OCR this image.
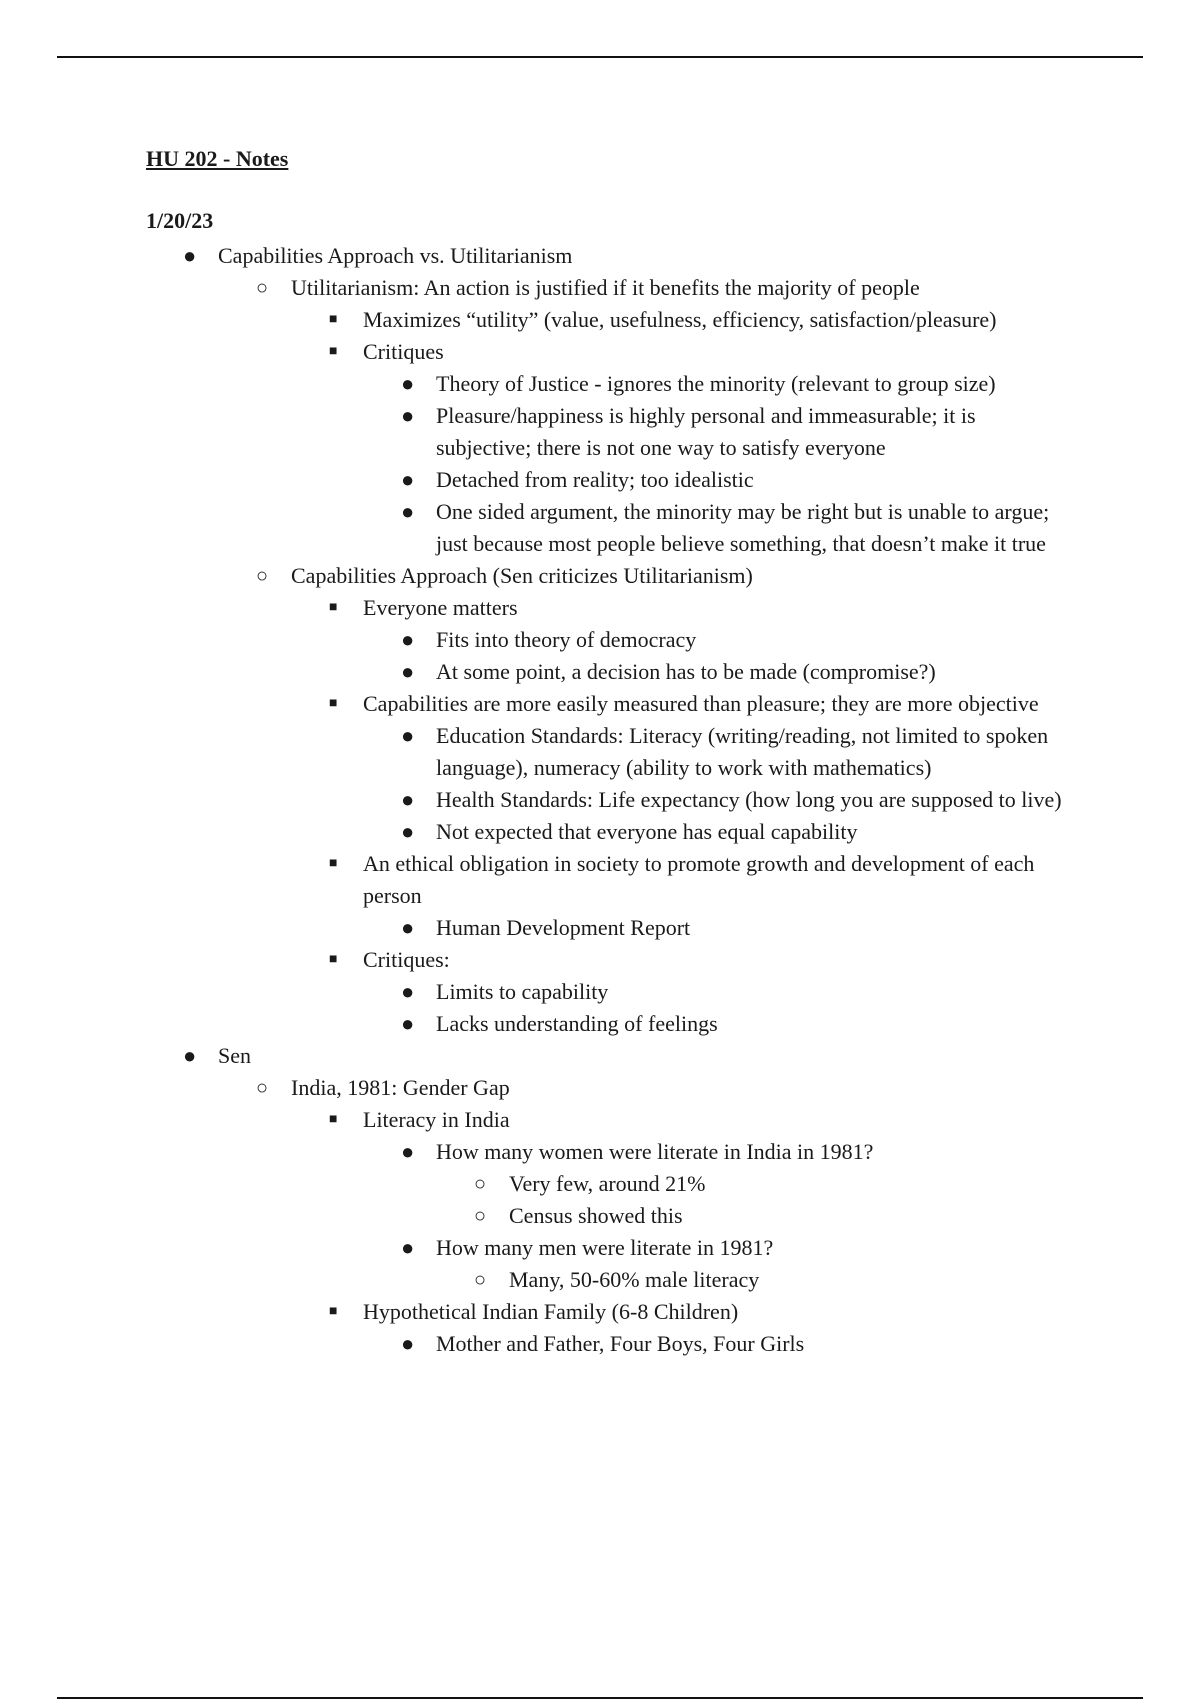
HU 202 - Notes
1/20/23
● Capabilities Approach vs. Utilitarianism
○ Utilitarianism: An action is justified if it benefits the majority of people
■ Maximizes “utility” (value, usefulness, efficiency, satisfaction/pleasure)
■ Critiques
● Theory of Justice - ignores the minority (relevant to group size)
● Pleasure/happiness is highly personal and immeasurable; it is subjective; there is not one way to satisfy everyone
● Detached from reality; too idealistic
● One sided argument, the minority may be right but is unable to argue; just because most people believe something, that doesn’t make it true
○ Capabilities Approach (Sen criticizes Utilitarianism)
■ Everyone matters
● Fits into theory of democracy
● At some point, a decision has to be made (compromise?)
■ Capabilities are more easily measured than pleasure; they are more objective
● Education Standards: Literacy (writing/reading, not limited to spoken language), numeracy (ability to work with mathematics)
● Health Standards: Life expectancy (how long you are supposed to live)
● Not expected that everyone has equal capability
■ An ethical obligation in society to promote growth and development of each person
● Human Development Report
■ Critiques:
● Limits to capability
● Lacks understanding of feelings
● Sen
○ India, 1981: Gender Gap
■ Literacy in India
● How many women were literate in India in 1981?
○ Very few, around 21%
○ Census showed this
● How many men were literate in 1981?
○ Many, 50-60% male literacy
■ Hypothetical Indian Family (6-8 Children)
● Mother and Father, Four Boys, Four Girls
